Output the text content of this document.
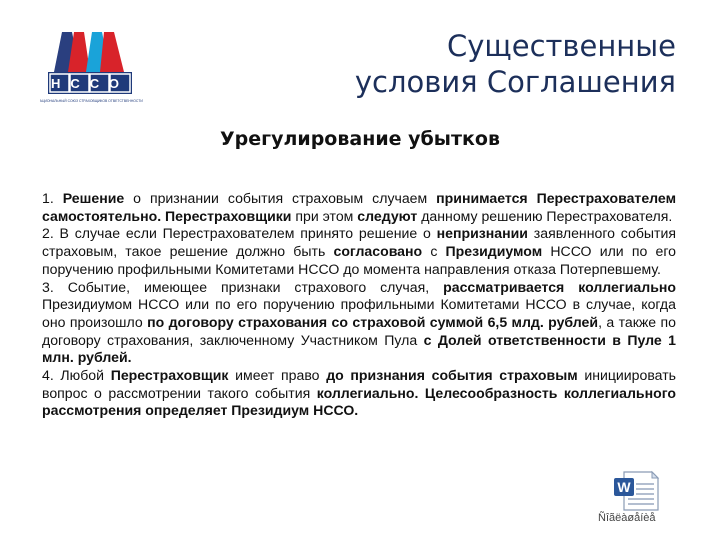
НССО
НАЦИОНАЛЬНЫЙ СОЮЗ СТРАХОВЩИКОВ ОТВЕТСТВЕННОСТИ
Существенные
условия Соглашения
Урегулирование убытков

1. Решение о признании события страховым случаем принимается Перестрахователем самостоятельно. Перестраховщики при этом следуют данному решению Перестрахователя.

2. В случае если Перестрахователем принято решение о непризнании заявленного события страховым, такое решение должно быть согласовано с Президиумом НССО или по его поручению профильными Комитетами НССО до момента направления отказа Потерпевшему.

3. Событие, имеющее признаки страхового случая, рассматривается коллегиально Президиумом НССО или по его поручению профильными Комитетами НССО в случае, когда оно произошло по договору страхования со страховой суммой 6,5 млд. рублей, а также по договору страхования, заключенному Участником Пула с Долей ответственности в Пуле 1 млн. рублей.

4. Любой Перестраховщик имеет право до признания события страховым инициировать вопрос о рассмотрении такого события коллегиально. Целесообразность коллегиального рассмотрения определяет Президиум НССО.

W
Ñîãëàøåíèå
